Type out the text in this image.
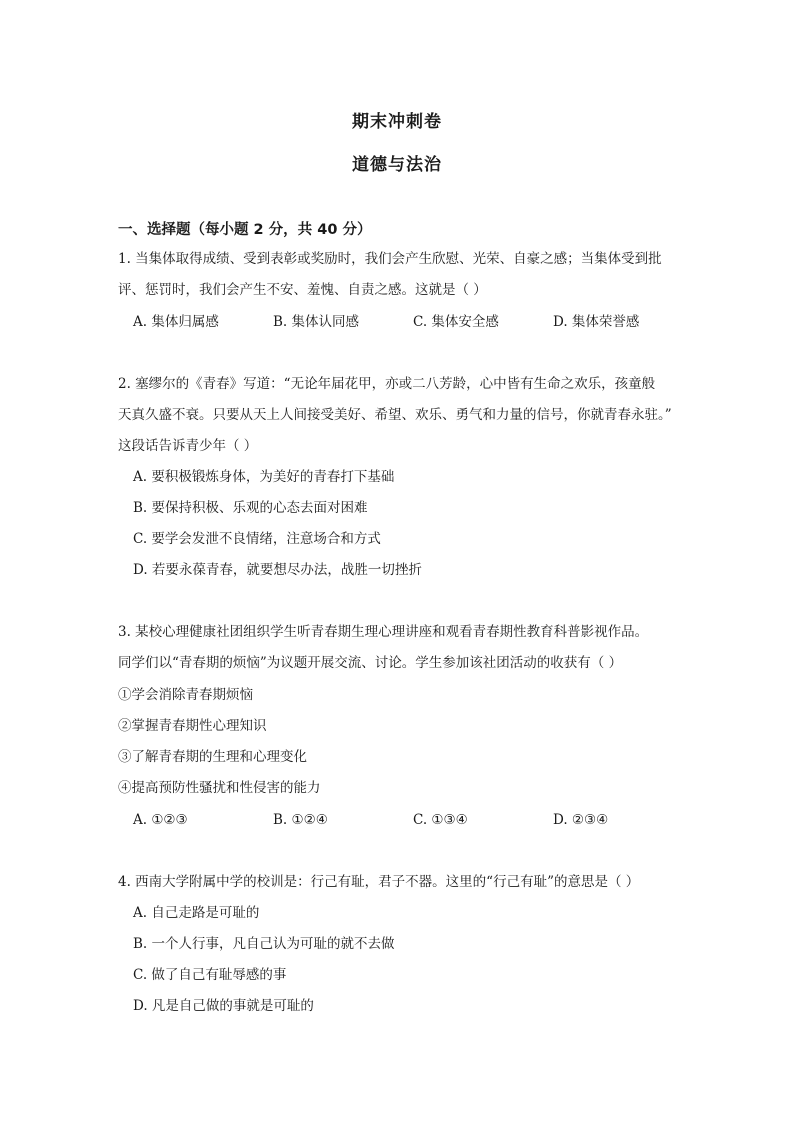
期末冲刺卷
道德与法治
一、选择题（每小题 2 分，共 40 分）
1. 当集体取得成绩、受到表彰或奖励时，我们会产生欣慰、光荣、自豪之感；当集体受到批
评、惩罚时，我们会产生不安、羞愧、自责之感。这就是（ ）
A. 集体归属感	B. 集体认同感	C. 集体安全感	D. 集体荣誉感
2. 塞缪尔的《青春》写道：“无论年届花甲，亦或二八芳龄，心中皆有生命之欢乐，孩童般
天真久盛不衰。只要从天上人间接受美好、希望、欢乐、勇气和力量的信号，你就青春永驻。”
这段话告诉青少年（ ）
A. 要积极锻炼身体，为美好的青春打下基础
B. 要保持积极、乐观的心态去面对困难
C. 要学会发泄不良情绪，注意场合和方式
D. 若要永葆青春，就要想尽办法，战胜一切挫折
3. 某校心理健康社团组织学生听青春期生理心理讲座和观看青春期性教育科普影视作品。
同学们以“青春期的烦恼”为议题开展交流、讨论。学生参加该社团活动的收获有（ ）
①学会消除青春期烦恼
②掌握青春期性心理知识
③了解青春期的生理和心理变化
④提高预防性骚扰和性侵害的能力
A. ①②③	B. ①②④	C. ①③④	D. ②③④
4. 西南大学附属中学的校训是：行己有耻，君子不器。这里的“行己有耻”的意思是（ ）
A. 自己走路是可耻的
B. 一个人行事，凡自己认为可耻的就不去做
C. 做了自己有耻辱感的事
D. 凡是自己做的事就是可耻的
